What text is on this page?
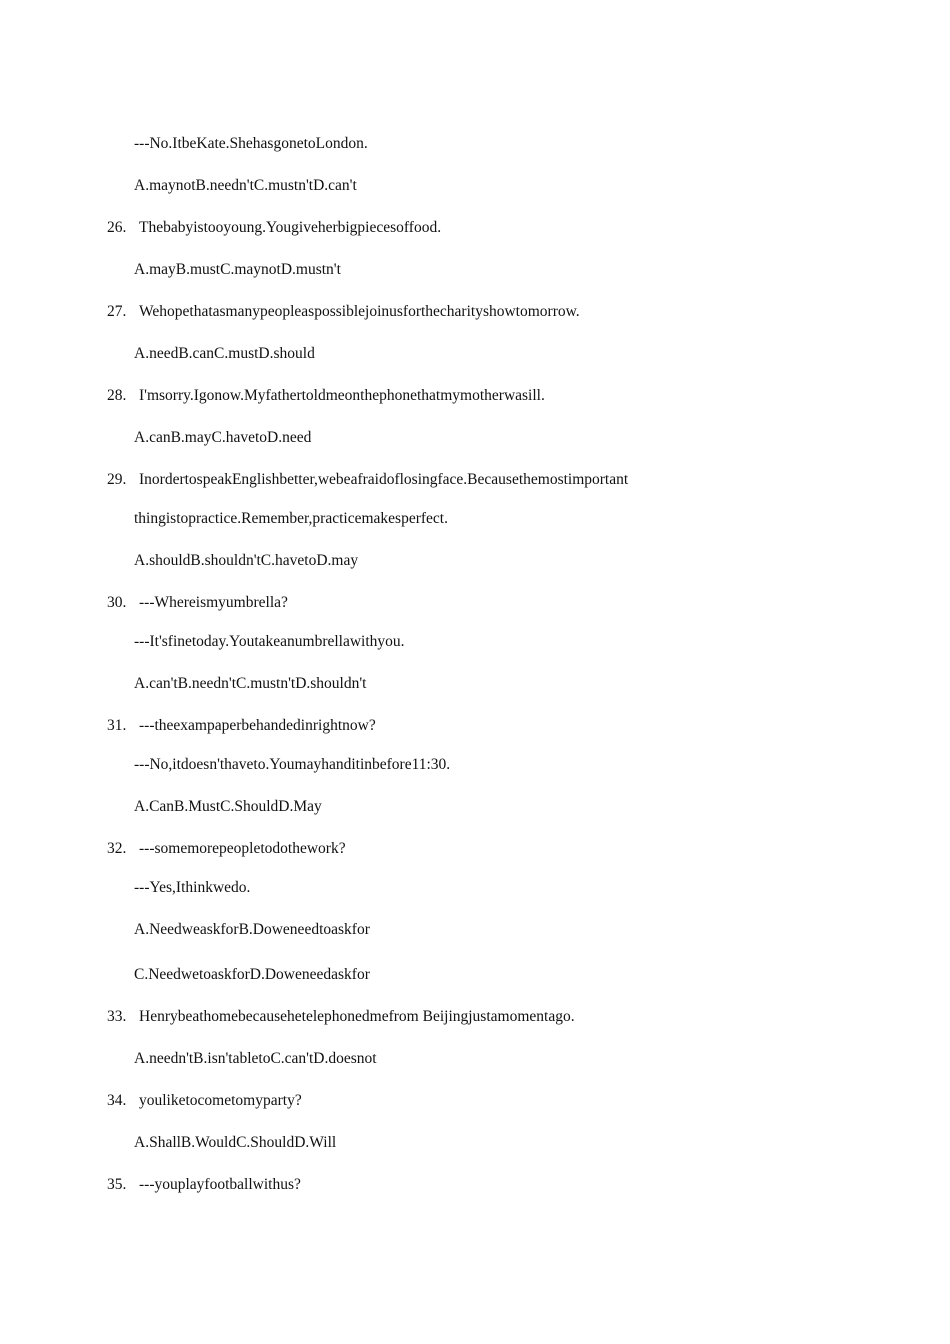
---No.ItbeKate.ShehasgonetoLondon.
A.maynotB.needn'tC.mustn'tD.can't
26. Thebabyistooyoung.Yougiveherbigpiecesoffood.
A.mayB.mustC.maynotD.mustn't
27. Wehopethatasmanypeopleaspossiblejoinusforthecharityshowtomorrow.
A.needB.canC.mustD.should
28. I'msorry.Igonow.Myfathertoldmeonthephonethatmymotherwasill.
A.canB.mayC.havetoD.need
29. InordertospeakEnglishbetter,webeafraidoflosingface.Becausethemostimportant
thingistopractice.Remember,practicemakesperfect.
A.shouldB.shouldn'tC.havetoD.may
30. ---Whereismyumbrella?
---It'sfinetoday.Youtakeanumbrellawithyou.
A.can'tB.needn'tC.mustn'tD.shouldn't
31. ---theexampaperbehandedinrightnow?
---No,itdoesn'thaveto.Youmayhanditinbefore11:30.
A.CanB.MustC.ShouldD.May
32. ---somemorepeopletodothework?
---Yes,Ithinkwedo.
A.NeedweaskforB.Doweneedtoaskfor
C.NeedwetoaskforD.Doweneedaskfor
33. Henrybeathomebecausehetelephonedmefrom Beijingjustamomentago.
A.needn'tB.isn'tabletoC.can'tD.doesnot
34. youliketocometomyparty?
A.ShallB.WouldC.ShouldD.Will
35. ---youplayfootballwithus?
